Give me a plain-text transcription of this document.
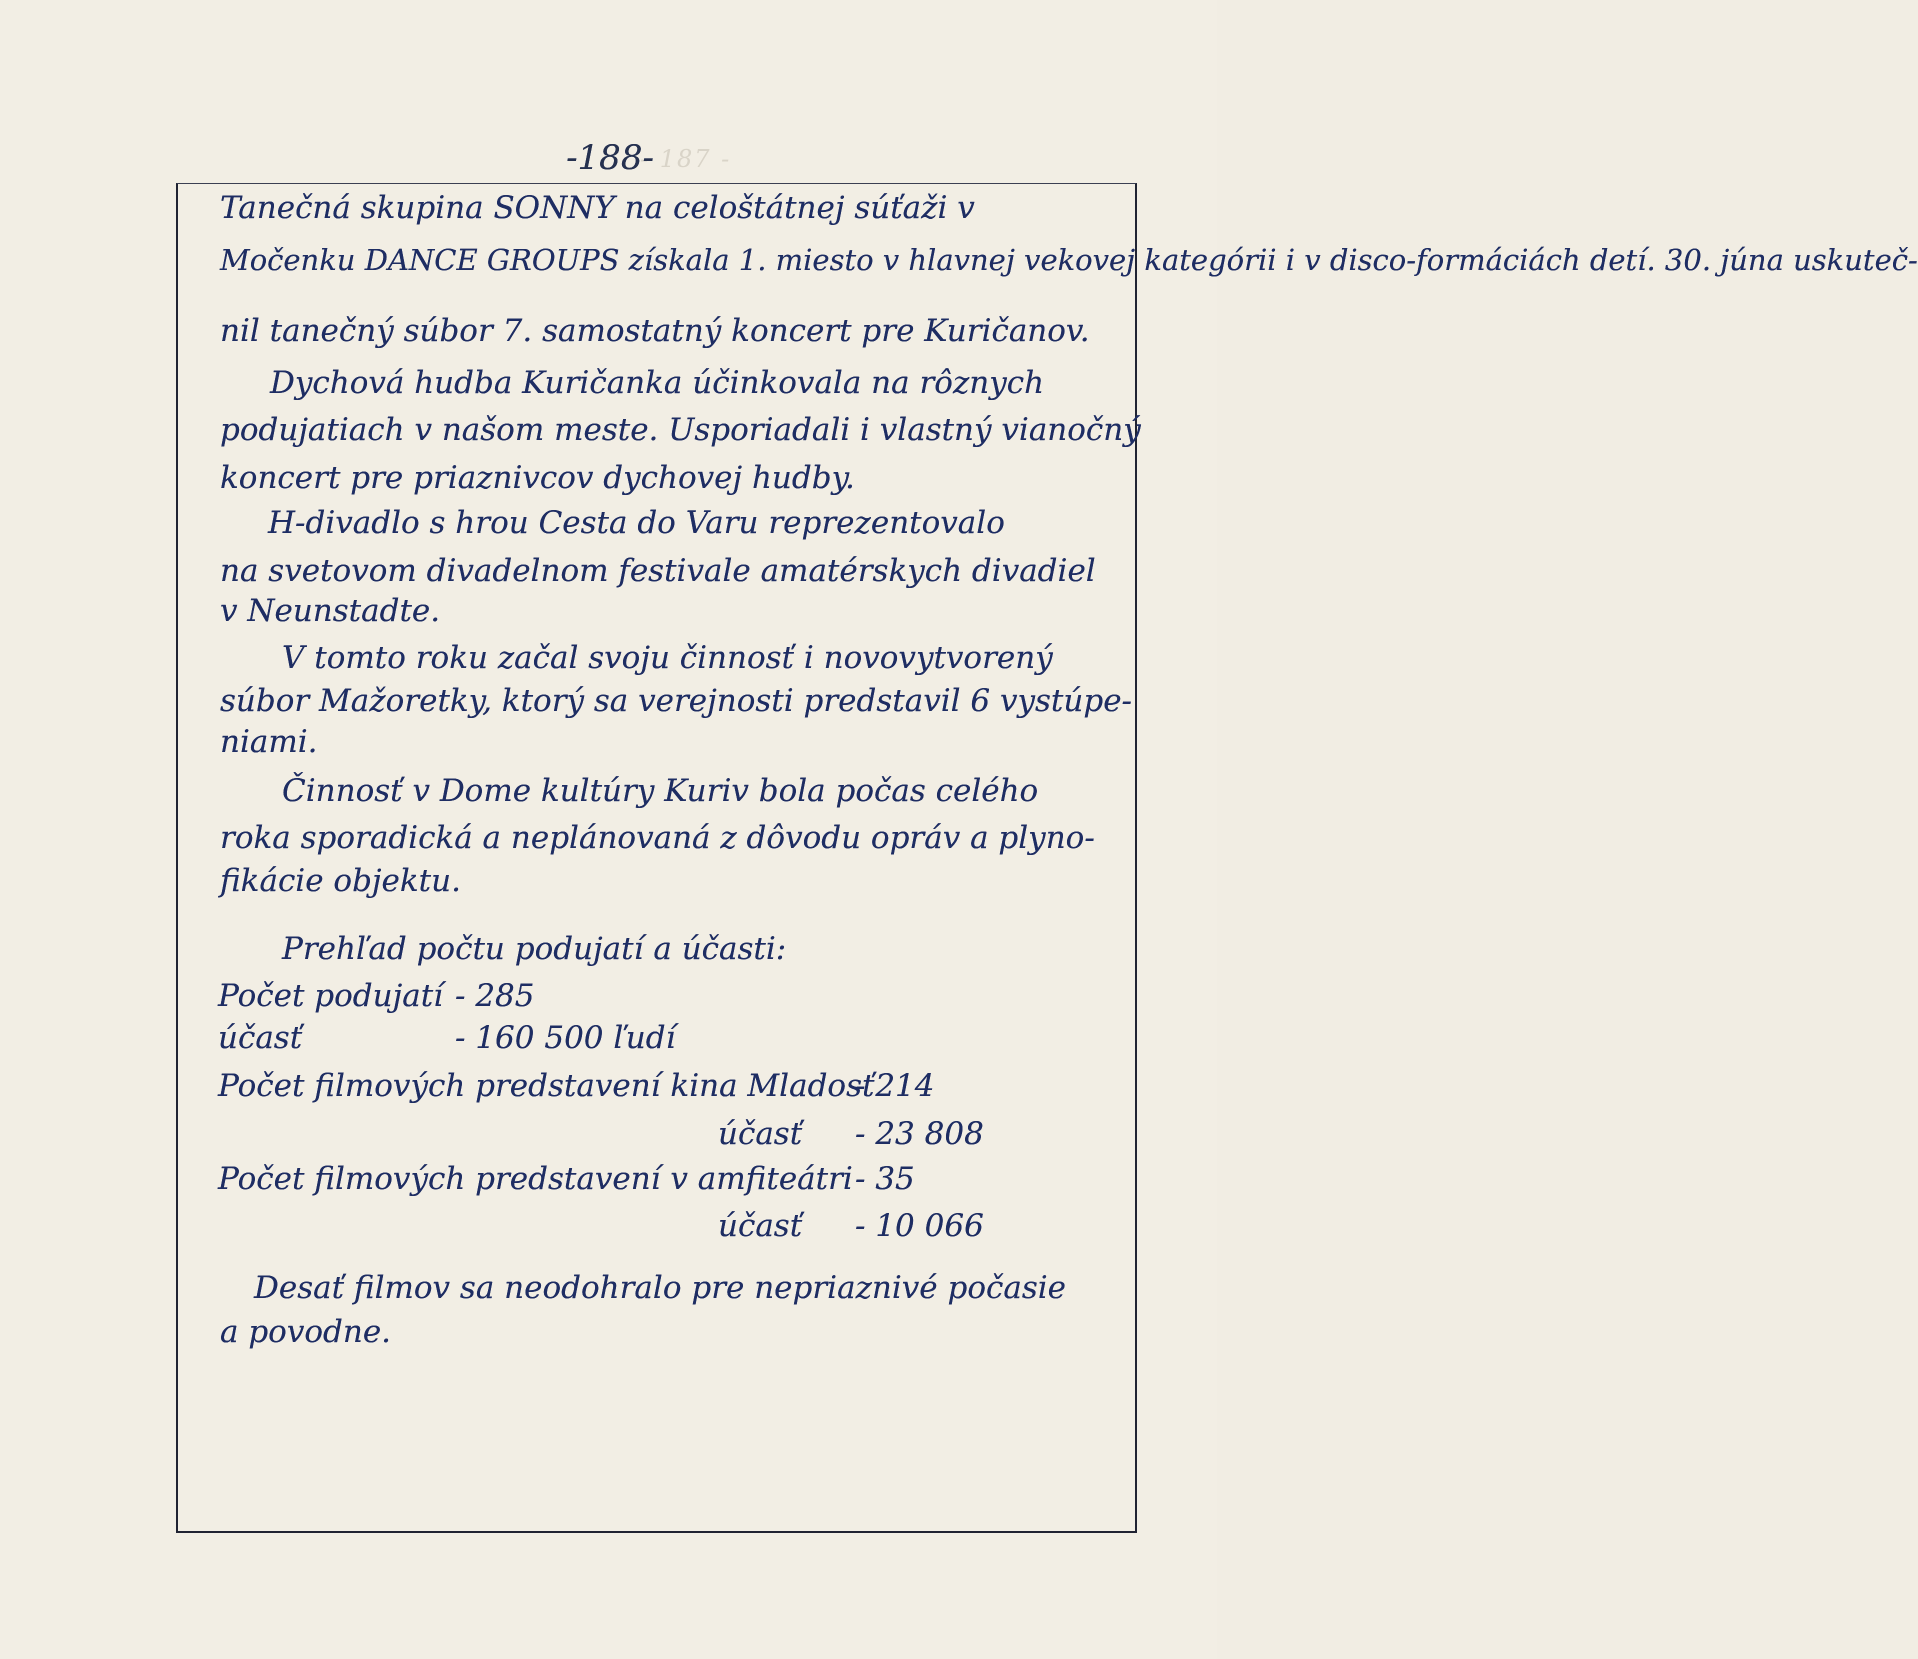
- 187 -
-188-

Tanečná skupina SONNY na celoštátnej súťaži v

Močenku DANCE GROUPS získala 1. miesto v hlavnej vekovej kategórii i v disco-formáciách detí. 30. júna uskuteč-

nil tanečný súbor 7. samostatný koncert pre Kuričanov.

Dychová hudba Kuričanka účinkovala na rôznych

podujatiach v našom meste. Usporiadali i vlastný vianočný

koncert pre priaznivcov dychovej hudby.

H-divadlo s hrou Cesta do Varu reprezentovalo

na svetovom divadelnom festivale amatérskych divadiel

v Neunstadte.

V tomto roku začal svoju činnosť i novovytvorený

súbor Mažoretky, ktorý sa verejnosti predstavil 6 vystúpe-

niami.

Činnosť v Dome kultúry Kuriv bola počas celého

roka sporadická a neplánovaná z dôvodu opráv a plyno-

fikácie objektu.

Prehľad počtu podujatí a účasti:

Počet podujatí - 285

účasť	- 160 500 ľudí

Počet filmových predstavení kina Mladosť

- 214

účasť - 23 808

Počet filmových predstavení v amfiteátri - 35

účasť - 10 066

Desať filmov sa neodohralo pre nepriaznivé počasie

a povodne.
